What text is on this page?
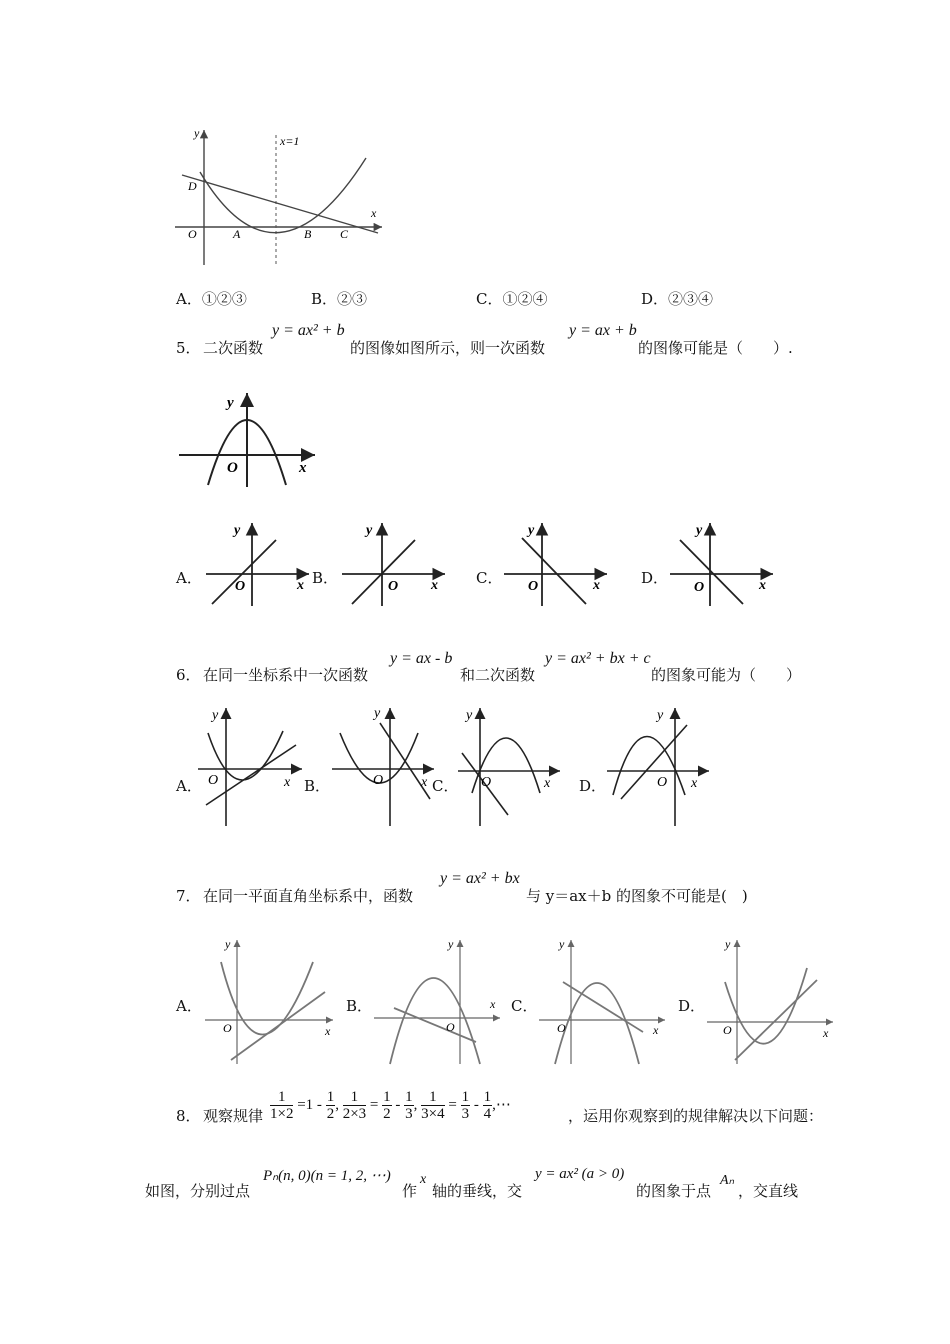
y
x
x=1
D
O	A	B C
A．①②③	B．②③	C．①②④	D．②③④
5． 二次函数
y = ax² + b
的图像如图所示，则一次函数
y = ax + b
的图像可能是（　　）.
y
O	x
A．	B．	C．	D．
y
O	x
y
O x
y
O	x
y
O	x
6． 在同一坐标系中一次函数
y = ax - b
和二次函数
y = ax² + bx + c
的图象可能为（　　）
A．	B．	C．	D．
y
O	x
y
O	x
y
O	x
y
O x
7． 在同一平面直角坐标系中，函数
y = ax² + bx
与 y＝ax＋b 的图象不可能是(　)
A．	B．	C．	D．
y
O	x
y
O
x
y
O	x
y
O	x
8． 观察规律 $\frac{1}{1\times 2} =1 - \frac{1}{2}$ , $\frac{1}{2\times 3} = \frac{1}{2} - \frac{1}{3}$ , $\frac{1}{3\times 4} = \frac{1}{3} - \frac{1}{4}$ ,⋯
，运用你观察到的规律解决以下问题：
如图，分别过点
Pₙ(n, 0)(n = 1, 2, ⋯)
作
x
轴的垂线，交
y = ax² (a > 0)
的图象于点
Aₙ
，交直线
